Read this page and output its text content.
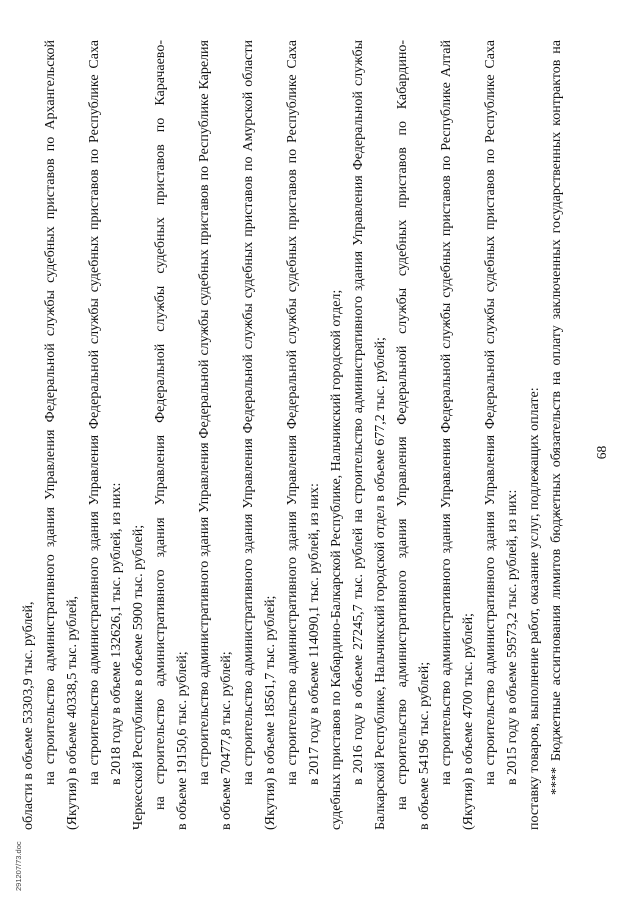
68
**** Бюджетные ассигнования лимитов бюджетных обязательств на оплату заключенных государственных контрактов на
поставку товаров, выполнение работ, оказание услуг, подлежащих оплате:
в 2015 году в объеме 59573,2 тыс. рублей, из них:
на строительство административного здания Управления Федеральной службы судебных приставов по Республике Саха
(Якутия) в объеме 4700 тыс. рублей;
на строительство административного здания Управления Федеральной службы судебных приставов по Республике Алтай
в объеме 54196 тыс. рублей;
на строительство административного здания Управления Федеральной службы судебных приставов по Кабардино-
Балкарской Республике, Нальчикский городской отдел в объеме 677,2 тыс. рублей;
в 2016 году в объеме 27245,7 тыс. рублей на строительство административного здания Управления Федеральной службы
судебных приставов по Кабардино-Балкарской Республике, Нальчикский городской отдел;
в 2017 году в объеме 114090,1 тыс. рублей, из них:
на строительство административного здания Управления Федеральной службы судебных приставов по Республике Саха
(Якутия) в объеме 18561,7 тыс. рублей;
на строительство административного здания Управления Федеральной службы судебных приставов по Амурской области
в объеме 70477,8 тыс. рублей;
на строительство административного здания Управления Федеральной службы судебных приставов по Республике Карелия
в объеме 19150,6 тыс. рублей;
на строительство административного здания Управления Федеральной службы судебных приставов по Карачаево-
Черкесской Республике в объеме 5900 тыс. рублей;
в 2018 году в объеме 132626,1 тыс. рублей, из них:
на строительство административного здания Управления Федеральной службы судебных приставов по Республике Саха
(Якутия) в объеме 40338,5 тыс. рублей,
на строительство административного здания Управления Федеральной службы судебных приставов по Архангельской
области в объеме 53303,9 тыс. рублей,
291207/73.doc
